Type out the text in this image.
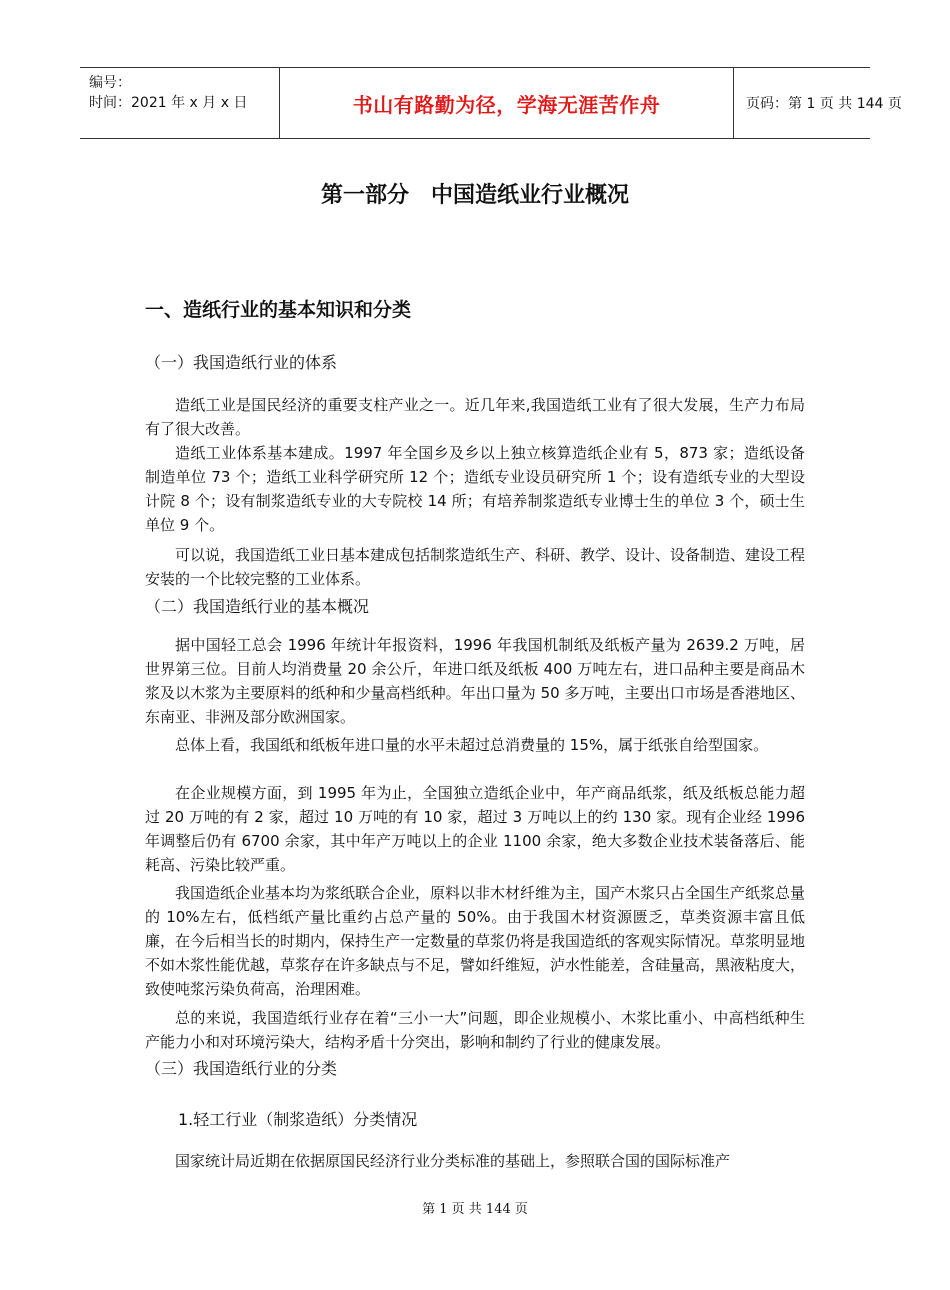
编号：
时间：2021 年 x 月 x 日	书山有路勤为径，学海无涯苦作舟	页码：第 1 页 共 144 页
第一部分　中国造纸业行业概况
一、造纸行业的基本知识和分类
（一）我国造纸行业的体系

造纸工业是国民经济的重要支柱产业之一。近几年来,我国造纸工业有了很大发展，生产力布局有了很大改善。

造纸工业体系基本建成。1997 年全国乡及乡以上独立核算造纸企业有 5，873 家；造纸设备制造单位 73 个；造纸工业科学研究所 12 个；造纸专业设员研究所 1 个；设有造纸专业的大型设计院 8 个；设有制浆造纸专业的大专院校 14 所；有培养制浆造纸专业博士生的单位 3 个，硕士生单位 9 个。

可以说，我国造纸工业日基本建成包括制浆造纸生产、科研、教学、设计、设备制造、建设工程安装的一个比较完整的工业体系。

（二）我国造纸行业的基本概况

据中国轻工总会 1996 年统计年报资料，1996 年我国机制纸及纸板产量为 2639.2 万吨，居世界第三位。目前人均消费量 20 余公斤，年进口纸及纸板 400 万吨左右，进口品种主要是商品木浆及以木浆为主要原料的纸种和少量高档纸种。年出口量为 50 多万吨，主要出口市场是香港地区、东南亚、非洲及部分欧洲国家。

总体上看，我国纸和纸板年进口量的水平未超过总消费量的 15%，属于纸张自给型国家。

在企业规模方面，到 1995 年为止，全国独立造纸企业中，年产商品纸浆，纸及纸板总能力超过 20 万吨的有 2 家，超过 10 万吨的有 10 家，超过 3 万吨以上的约 130 家。现有企业经 1996 年调整后仍有 6700 余家，其中年产万吨以上的企业 1100 余家，绝大多数企业技术装备落后、能耗高、污染比较严重。

我国造纸企业基本均为浆纸联合企业，原料以非木材纤维为主，国产木浆只占全国生产纸浆总量的 10%左右，低档纸产量比重约占总产量的 50%。由于我国木材资源匮乏，草类资源丰富且低廉，在今后相当长的时期内，保持生产一定数量的草浆仍将是我国造纸的客观实际情况。草浆明显地不如木浆性能优越，草浆存在许多缺点与不足，譬如纤维短，泸水性能差，含硅量高，黑液粘度大，致使吨浆污染负荷高，治理困难。

总的来说，我国造纸行业存在着“三小一大”问题，即企业规模小、木浆比重小、中高档纸种生产能力小和对环境污染大，结构矛盾十分突出，影响和制约了行业的健康发展。

（三）我国造纸行业的分类
1.轻工行业（制浆造纸）分类情况

国家统计局近期在依据原国民经济行业分类标准的基础上，参照联合国的国际标准产

第 1 页 共 144 页
